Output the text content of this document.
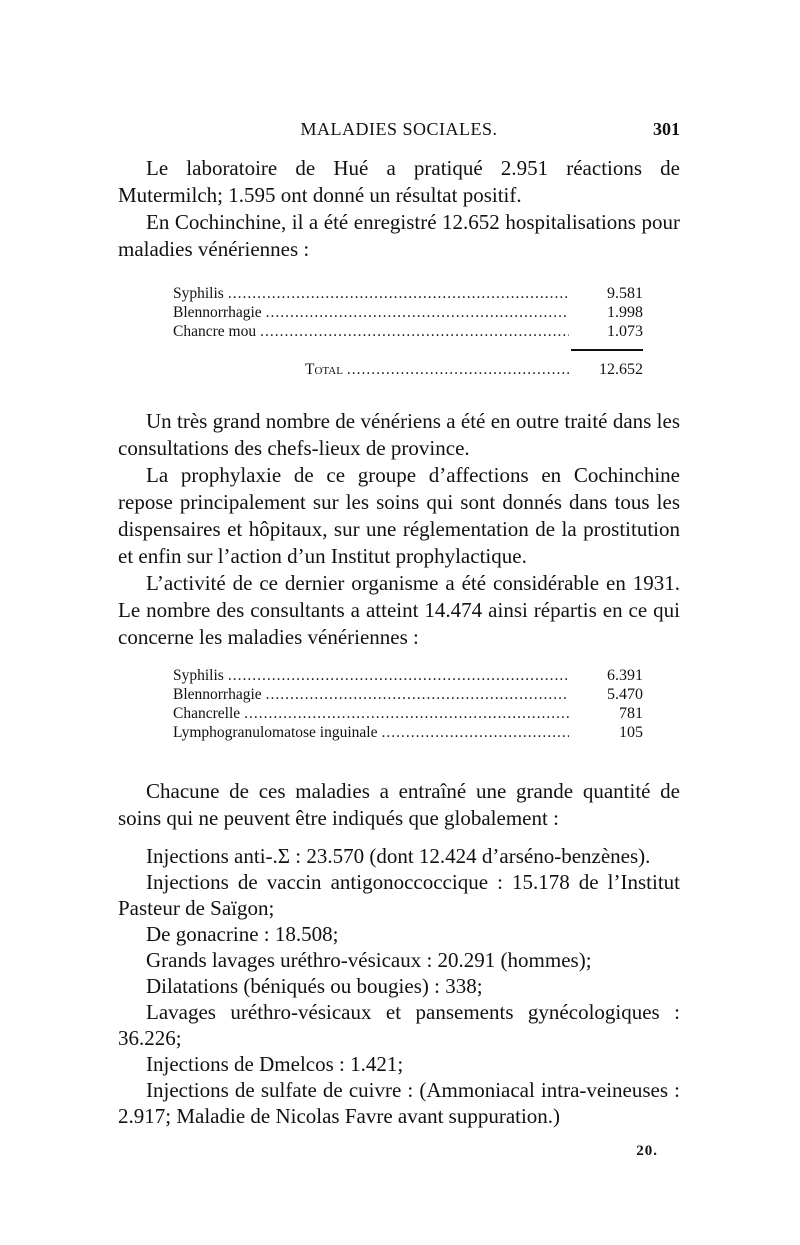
MALADIES SOCIALES.	301

Le laboratoire de Hué a pratiqué 2.951 réactions de Mutermilch; 1.595 ont donné un résultat positif.

En Cochinchine, il a été enregistré 12.652 hospitalisations pour maladies vénériennes :

Syphilis .....	9.581
Blennorrhagie .....	1.998
Chancre mou .....	1.073
Total .....	12.652

Un très grand nombre de vénériens a été en outre traité dans les consultations des chefs-lieux de province.

La prophylaxie de ce groupe d’affections en Cochinchine repose principalement sur les soins qui sont donnés dans tous les dispensaires et hôpitaux, sur une réglementation de la prostitution et enfin sur l’action d’un Institut prophylactique.

L’activité de ce dernier organisme a été considérable en 1931. Le nombre des consultants a atteint 14.474 ainsi répartis en ce qui concerne les maladies vénériennes :

Syphilis .....	6.391
Blennorrhagie .....	5.470
Chancrelle .....	781
Lymphogranulomatose inguinale .....	105

Chacune de ces maladies a entraîné une grande quantité de soins qui ne peuvent être indiqués que globalement :

Injections anti-.Σ : 23.570 (dont 12.424 d’arséno-benzènes).

Injections de vaccin antigonoccoccique : 15.178 de l’Institut Pasteur de Saïgon;

De gonacrine : 18.508;

Grands lavages uréthro-vésicaux : 20.291 (hommes);

Dilatations (béniqués ou bougies) : 338;

Lavages uréthro-vésicaux et pansements gynécologiques : 36.226;

Injections de Dmelcos : 1.421;

Injections de sulfate de cuivre : (Ammoniacal intra-veineuses : 2.917; Maladie de Nicolas Favre avant suppuration.)

20.
